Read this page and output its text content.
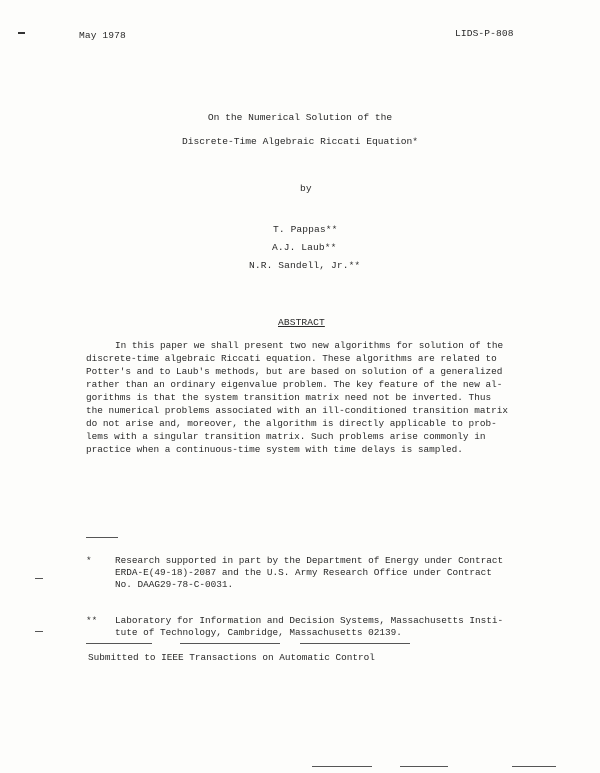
May 1978	LIDS-P-808
On the Numerical Solution of the
Discrete-Time Algebraic Riccati Equation*
by
T. Pappas**
A.J. Laub**
N.R. Sandell, Jr.**
ABSTRACT
In this paper we shall present two new algorithms for solution of the
discrete-time algebraic Riccati equation. These algorithms are related to
Potter's and to Laub's methods, but are based on solution of a generalized
rather than an ordinary eigenvalue problem. The key feature of the new al-
gorithms is that the system transition matrix need not be inverted. Thus
the numerical problems associated with an ill-conditioned transition matrix
do not arise and, moreover, the algorithm is directly applicable to prob-
lems with a singular transition matrix. Such problems arise commonly in
practice when a continuous-time system with time delays is sampled.
* Research supported in part by the Department of Energy under Contract
ERDA-E(49-18)-2087 and the U.S. Army Research Office under Contract
No. DAAG29-78-C-0031.
** Laboratory for Information and Decision Systems, Massachusetts Insti-
tute of Technology, Cambridge, Massachusetts 02139.
Submitted to IEEE Transactions on Automatic Control
